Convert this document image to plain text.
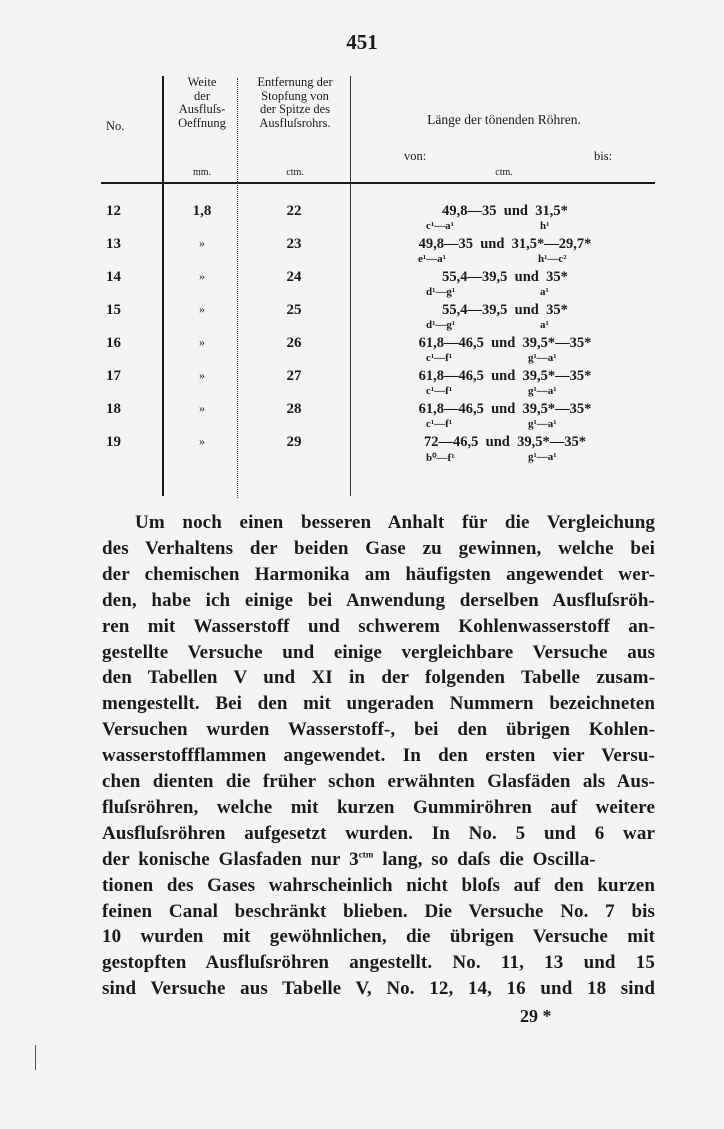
451
No.
Weite
der
Ausfluſs-
Oeffnung
mm.
Entfernung der
Stopfung von
der Spitze des
Ausfluſsrohrs.
ctm.
Länge der tönenden Röhren.
von:	bis:
ctm.
12	1,8	22	49,8—35  und  31,5*
c¹—a¹	h¹
13	»	23	49,8—35  und  31,5*—29,7*
e¹—a¹	h¹—c²
14	»	24	55,4—39,5  und  35*
d¹—g¹	a¹
15	»	25	55,4—39,5  und  35*
d¹—g¹	a¹
16	»	26	61,8—46,5  und  39,5*—35*
c¹—f¹	g¹—a¹
17	»	27	61,8—46,5  und  39,5*—35*
c¹—f¹	g¹—a¹
18	»	28	61,8—46,5  und  39,5*—35*
c¹—f¹	g¹—a¹
19	»	29	72—46,5  und  39,5*—35*
b⁰—f¹	g¹—a¹
Um noch einen besseren Anhalt für die Vergleichung
des Verhaltens der beiden Gase zu gewinnen, welche bei
der chemischen Harmonika am häufigsten angewendet wer-
den, habe ich einige bei Anwendung derselben Ausfluſsröh-
ren mit Wasserstoff und schwerem Kohlenwasserstoff an-
gestellte Versuche und einige vergleichbare Versuche aus
den Tabellen V und XI in der folgenden Tabelle zusam-
mengestellt. Bei den mit ungeraden Nummern bezeichneten
Versuchen wurden Wasserstoff-, bei den übrigen Kohlen-
wasserstoffflammen angewendet. In den ersten vier Versu-
chen dienten die früher schon erwähnten Glasfäden als Aus-
fluſsröhren, welche mit kurzen Gummiröhren auf weitere
Ausfluſsröhren aufgesetzt wurden. In No. 5 und 6 war
der konische Glasfaden nur $3^{ctm}$ lang, so daſs die Oscilla-
tionen des Gases wahrscheinlich nicht bloſs auf den kurzen
feinen Canal beschränkt blieben. Die Versuche No. 7 bis
10 wurden mit gewöhnlichen, die übrigen Versuche mit
gestopften Ausfluſsröhren angestellt. No. 11, 13 und 15
sind Versuche aus Tabelle V, No. 12, 14, 16 und 18 sind
29 *
